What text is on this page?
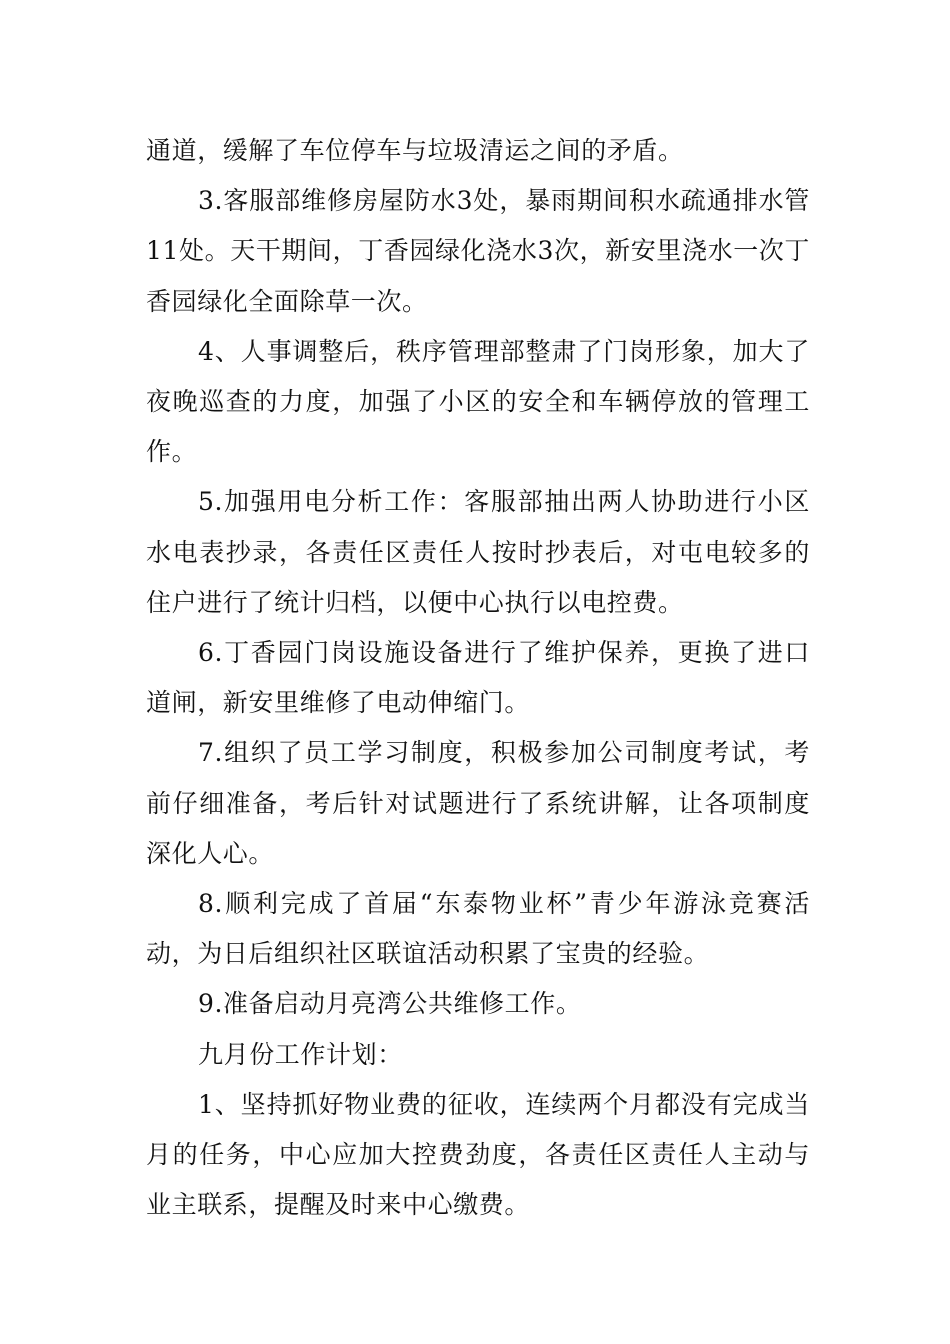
通道，缓解了车位停车与垃圾清运之间的矛盾。

3.客服部维修房屋防水3处，暴雨期间积水疏通排水管11处。天干期间，丁香园绿化浇水3次，新安里浇水一次丁香园绿化全面除草一次。

4、人事调整后，秩序管理部整肃了门岗形象，加大了夜晚巡查的力度，加强了小区的安全和车辆停放的管理工作。

5.加强用电分析工作：客服部抽出两人协助进行小区水电表抄录，各责任区责任人按时抄表后，对屯电较多的住户进行了统计归档，以便中心执行以电控费。

6.丁香园门岗设施设备进行了维护保养，更换了进口道闸，新安里维修了电动伸缩门。

7.组织了员工学习制度，积极参加公司制度考试，考前仔细准备，考后针对试题进行了系统讲解，让各项制度深化人心。

8.顺利完成了首届“东泰物业杯”青少年游泳竞赛活动，为日后组织社区联谊活动积累了宝贵的经验。

9.准备启动月亮湾公共维修工作。

九月份工作计划：

1、坚持抓好物业费的征收，连续两个月都没有完成当月的任务，中心应加大控费劲度，各责任区责任人主动与业主联系，提醒及时来中心缴费。
